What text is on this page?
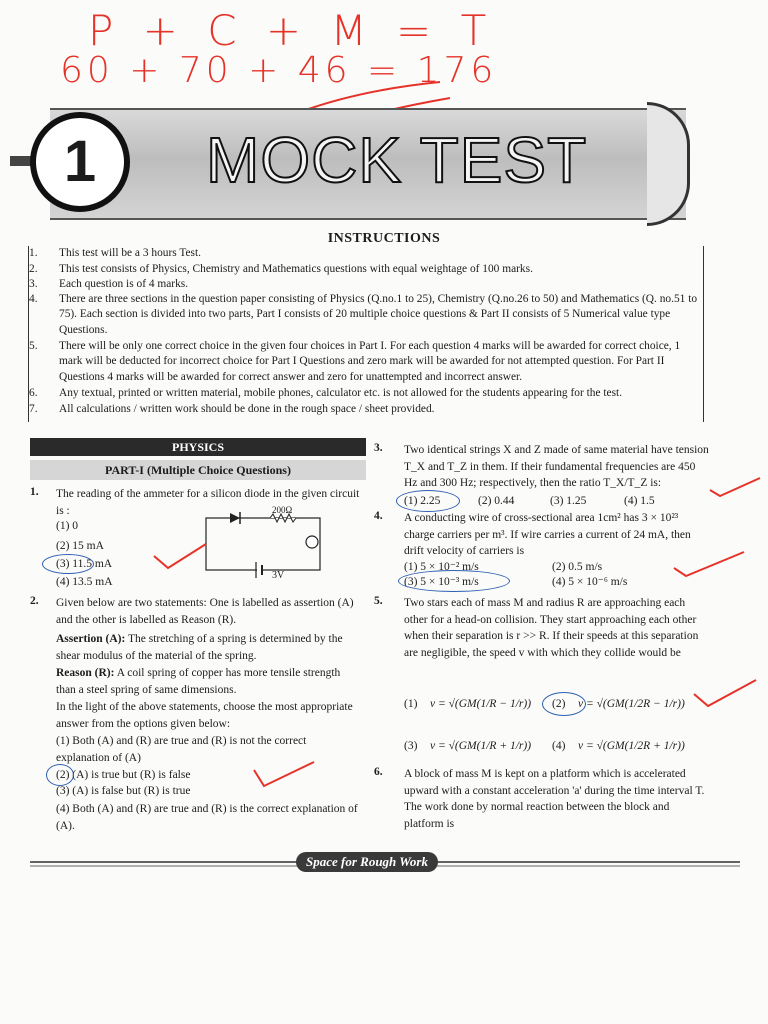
P + C + M = T
60 + 70 + 46 = 176
1	MOCK TEST
INSTRUCTIONS
1. This test will be a 3 hours Test.
2. This test consists of Physics, Chemistry and Mathematics questions with equal weightage of 100 marks.
3. Each question is of 4 marks.
4. There are three sections in the question paper consisting of Physics (Q.no.1 to 25), Chemistry (Q.no.26 to 50) and Mathematics (Q. no.51 to 75). Each section is divided into two parts, Part I consists of 20 multiple choice questions & Part II consists of 5 Numerical value type Questions.
5. There will be only one correct choice in the given four choices in Part I. For each question 4 marks will be awarded for correct choice, 1 mark will be deducted for incorrect choice for Part I Questions and zero mark will be awarded for not attempted question. For Part II Questions 4 marks will be awarded for correct answer and zero for unattempted and incorrect answer.
6. Any textual, printed or written material, mobile phones, calculator etc. is not allowed for the students appearing for the test.
7. All calculations / written work should be done in the rough space / sheet provided.
PHYSICS
PART-I (Multiple Choice Questions)
1. The reading of the ammeter for a silicon diode in the given circuit is :
(1) 0
(2) 15 mA
(3) 11.5 mA
(4) 13.5 mA
200Ω
3V
2. Given below are two statements: One is labelled as assertion (A) and the other is labelled as Reason (R).
Assertion (A): The stretching of a spring is determined by the shear modulus of the material of the spring.
Reason (R): A coil spring of copper has more tensile strength than a steel spring of same dimensions.
In the light of the above statements, choose the most appropriate answer from the options given below:
(1) Both (A) and (R) are true and (R) is not the correct explanation of (A)
(2) (A) is true but (R) is false
(3) (A) is false but (R) is true
(4) Both (A) and (R) are true and (R) is the correct explanation of (A).
3. Two identical strings X and Z made of same material have tension T_X and T_Z in them. If their fundamental frequencies are 450 Hz and 300 Hz; respectively, then the ratio T_X/T_Z is:
(1) 2.25	(2) 0.44	(3) 1.25	(4) 1.5
4. A conducting wire of cross-sectional area 1cm² has 3 × 10²³ charge carriers per m³. If wire carries a current of 24 mA, then drift velocity of carriers is
(1) 5 × 10⁻² m/s	(2) 0.5 m/s
(3) 5 × 10⁻³ m/s	(4) 5 × 10⁻⁶ m/s
5. Two stars each of mass M and radius R are approaching each other for a head-on collision. They start approaching each other when their separation is r >> R. If their speeds at this separation are negligible, the speed v with which they collide would be
(1) v = √(GM(1/R − 1/r)) (2) v = √(GM(1/2R − 1/r))
(3) v = √(GM(1/R + 1/r)) (4) v = √(GM(1/2R + 1/r))
6. A block of mass M is kept on a platform which is accelerated upward with a constant acceleration 'a' during the time interval T. The work done by normal reaction between the block and platform is
Space for Rough Work
